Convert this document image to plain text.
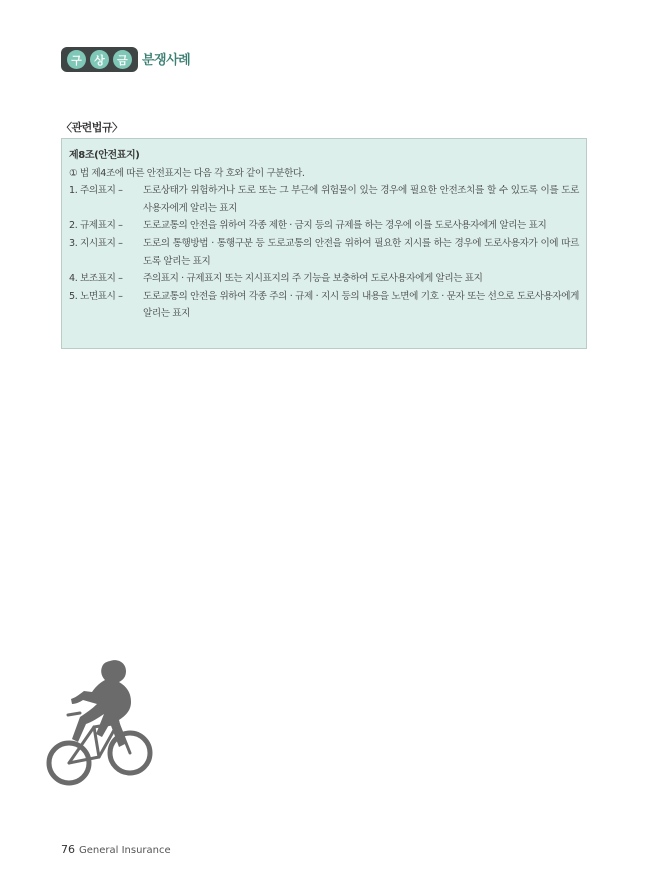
구	상	금	분쟁사례
〈관련법규〉
제8조(안전표지)
① 법 제4조에 따른 안전표지는 다음 각 호와 같이 구분한다.
1. 주의표지 –	도로상태가 위험하거나 도로 또는 그 부근에 위험물이 있는 경우에 필요한 안전조치를 할 수 있도록 이를 도로사용자에게 알리는 표지
2. 규제표지 –	도로교통의 안전을 위하여 각종 제한 · 금지 등의 규제를 하는 경우에 이를 도로사용자에게 알리는 표지
3. 지시표지 –	도로의 통행방법 · 통행구분 등 도로교통의 안전을 위하여 필요한 지시를 하는 경우에 도로사용자가 이에 따르도록 알리는 표지
4. 보조표지 –	주의표지 · 규제표지 또는 지시표지의 주 기능을 보충하여 도로사용자에게 알리는 표지
5. 노면표시 –	도로교통의 안전을 위하여 각종 주의 · 규제 · 지시 등의 내용을 노면에 기호 · 문자 또는 선으로 도로사용자에게 알리는 표지
76 General Insurance
